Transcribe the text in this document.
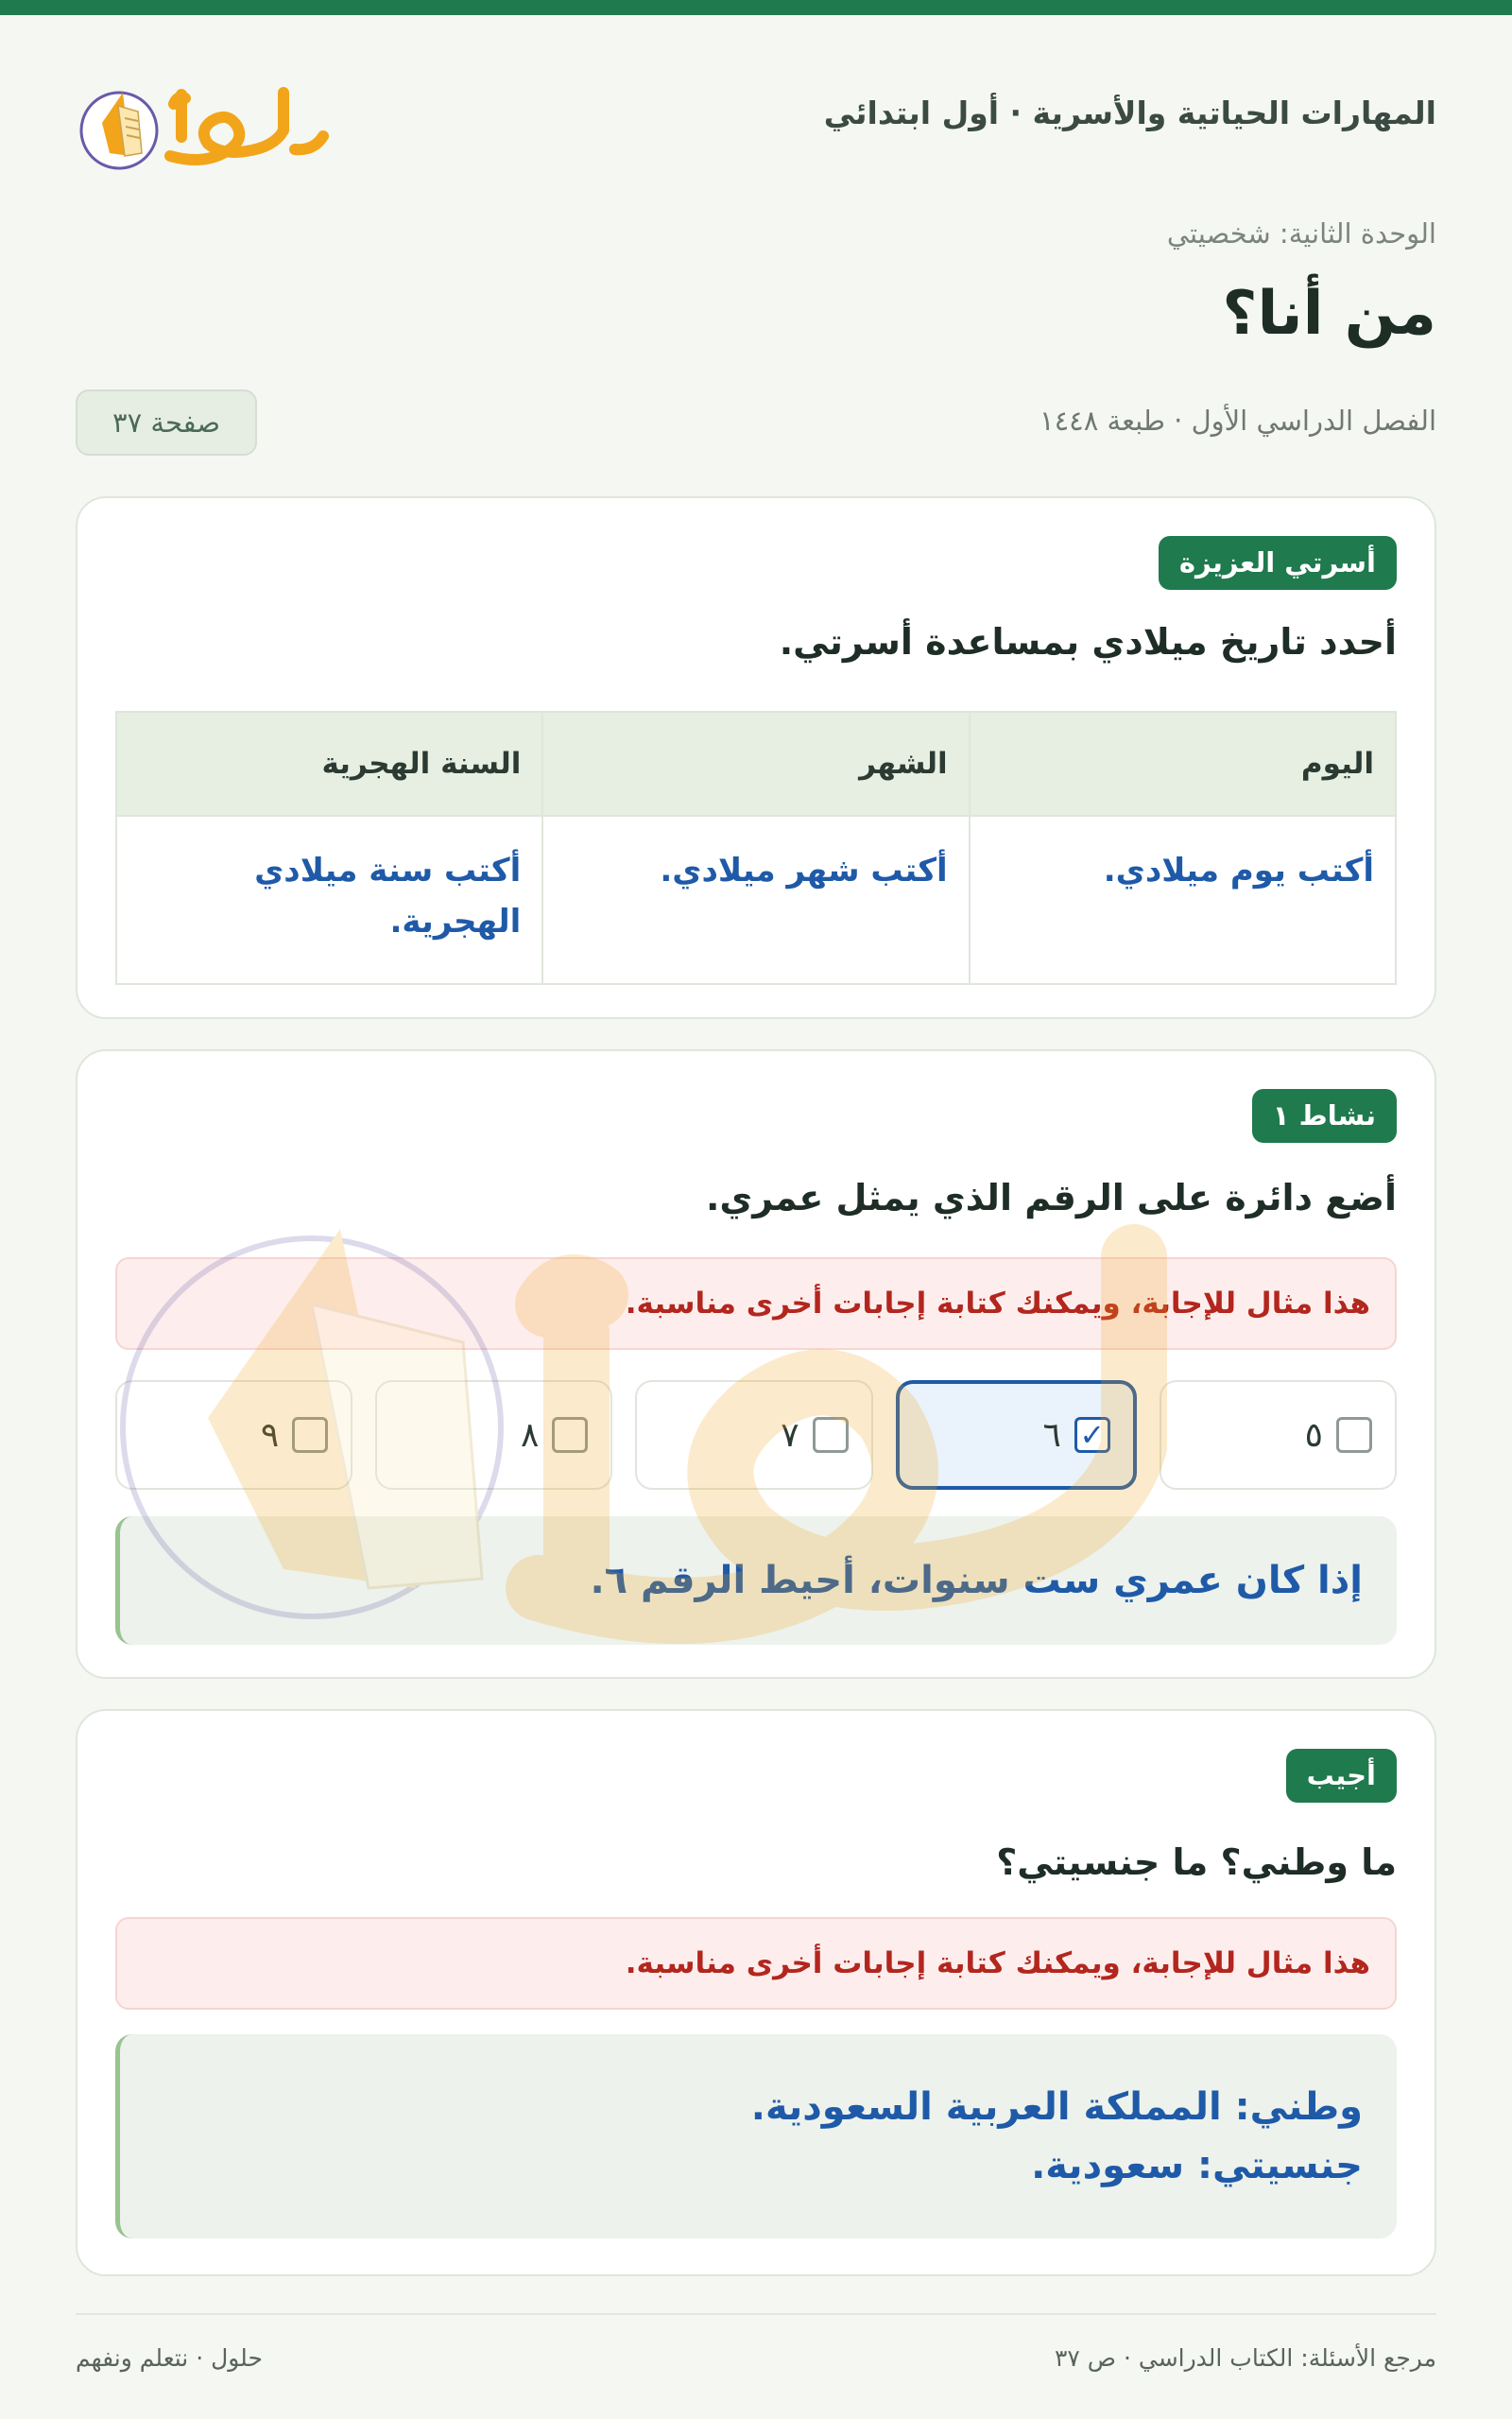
المهارات الحياتية والأسرية · أول ابتدائي
الوحدة الثانية: شخصيتي
من أنا؟
الفصل الدراسي الأول · طبعة ١٤٤٨
صفحة ٣٧
أسرتي العزيزة
أحدد تاريخ ميلادي بمساعدة أسرتي.
اليوم	الشهر	السنة الهجرية
أكتب يوم ميلادي.	أكتب شهر ميلادي.	أكتب سنة ميلادي الهجرية.
نشاط ١
أضع دائرة على الرقم الذي يمثل عمري.
هذا مثال للإجابة، ويمكنك كتابة إجابات أخرى مناسبة.
٥
✓
٦
٧
٨
٩
إذا كان عمري ست سنوات، أحيط الرقم ٦.
أجيب
ما وطني؟ ما جنسيتي؟
هذا مثال للإجابة، ويمكنك كتابة إجابات أخرى مناسبة.
وطني: المملكة العربية السعودية.
جنسيتي: سعودية.
مرجع الأسئلة: الكتاب الدراسي · ص ٣٧
حلول · نتعلم ونفهم
